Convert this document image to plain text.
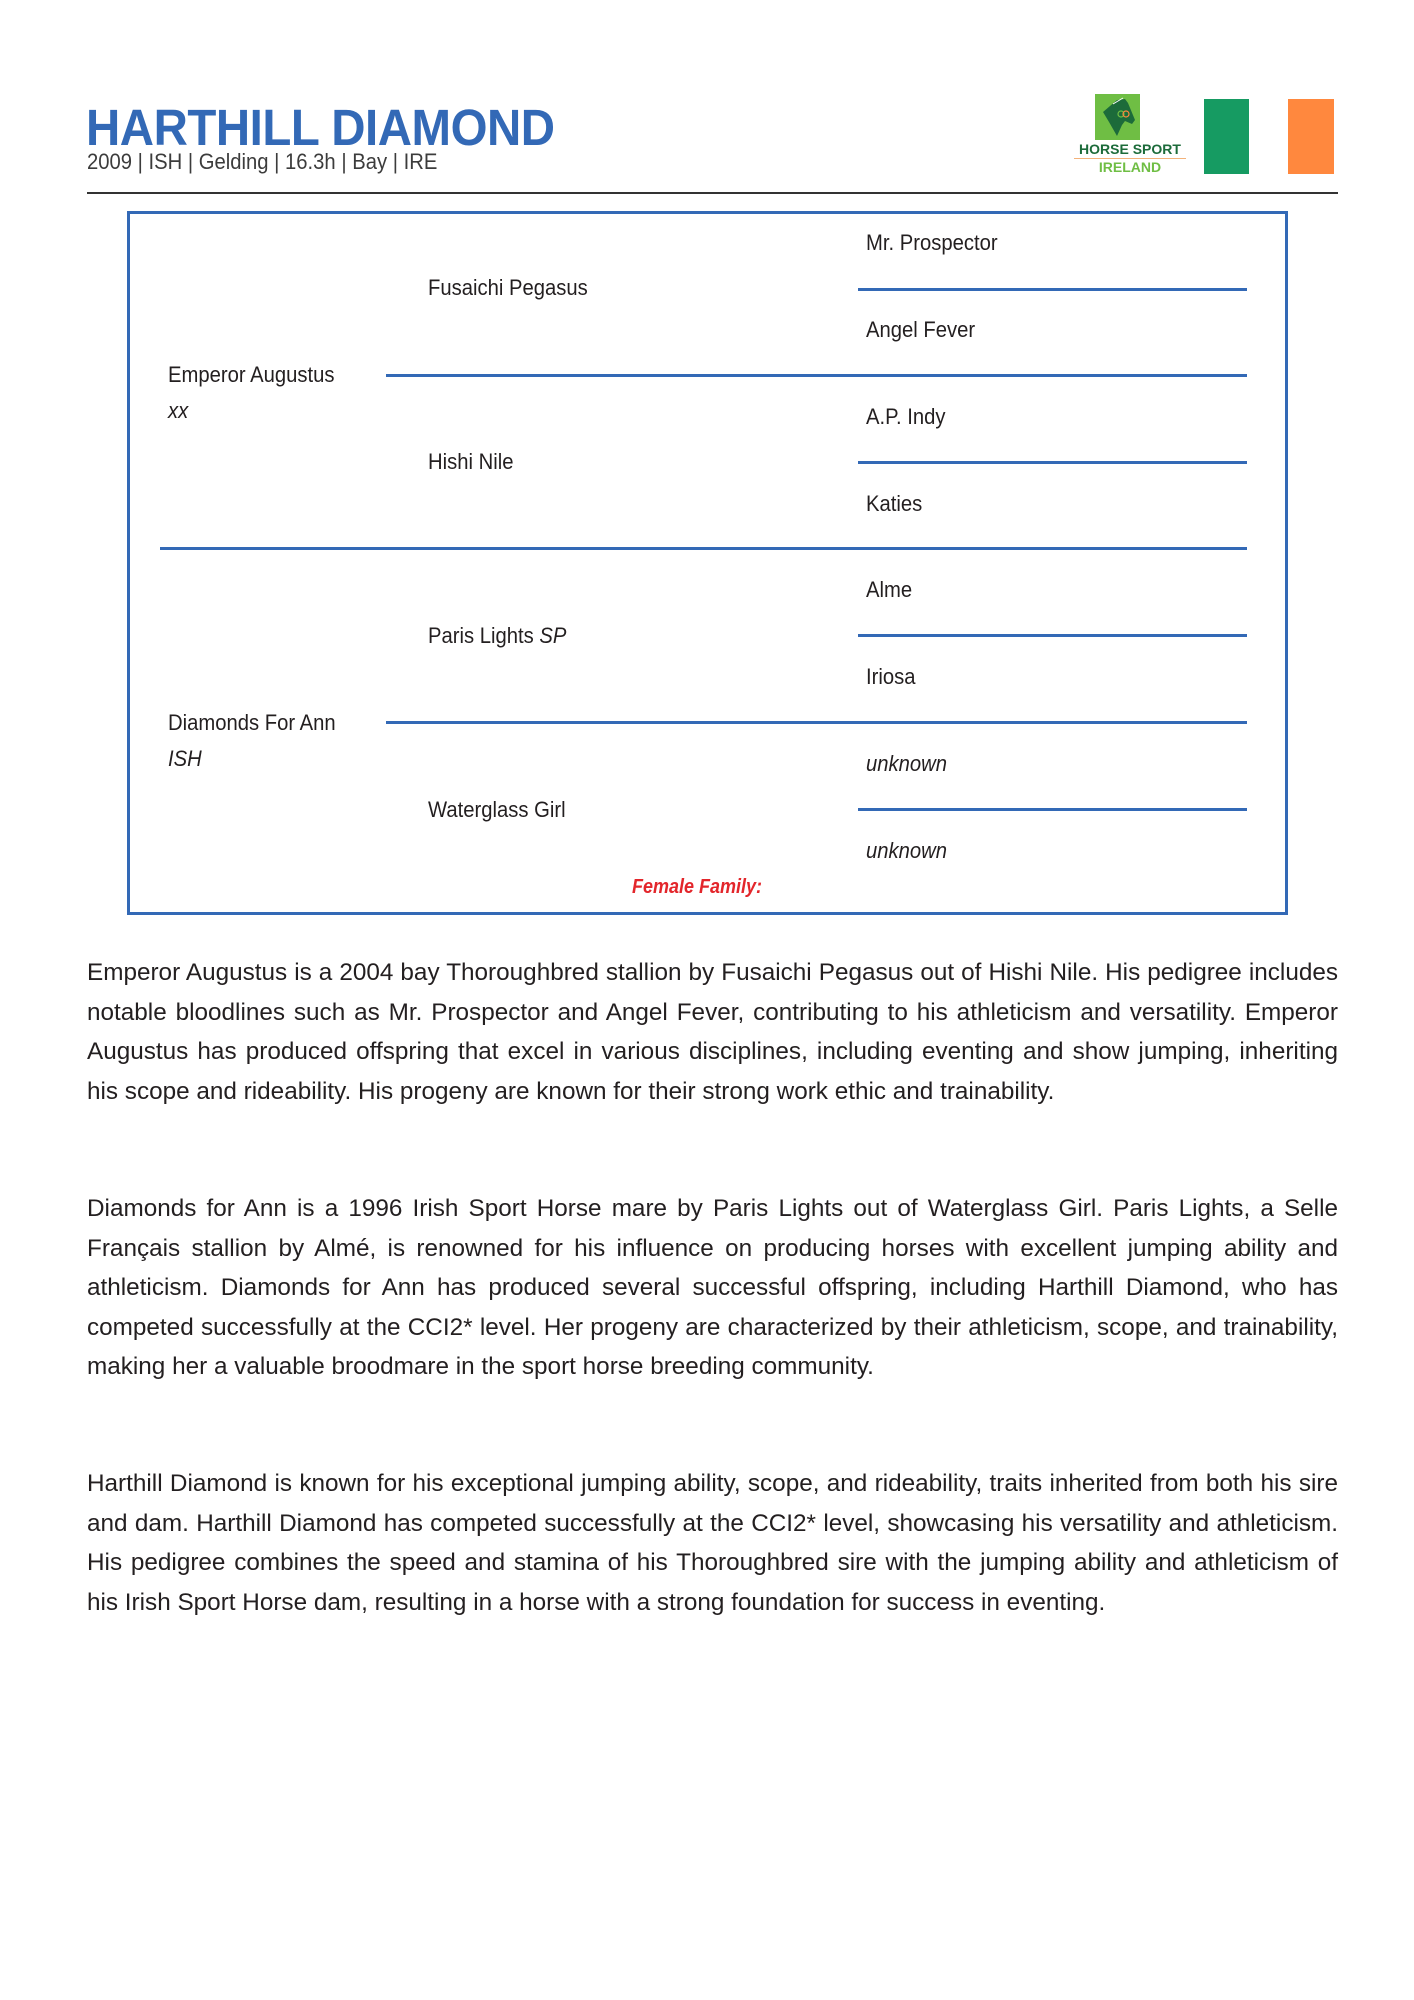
HARTHILL DIAMOND
2009 | ISH | Gelding | 16.3h | Bay | IRE	HORSE SPORT
IRELAND
Emperor Augustus
xx
Diamonds For Ann
ISH
Fusaichi Pegasus
Hishi Nile
Paris Lights SP
Waterglass Girl
Mr. Prospector
Angel Fever
A.P. Indy
Katies
Alme
Iriosa
unknown
unknown
Female Family:

Emperor Augustus is a 2004 bay Thoroughbred stallion by Fusaichi Pegasus out of Hishi Nile. His pedigree includes notable bloodlines such as Mr. Prospector and Angel Fever, contributing to his athleticism and versatility. Emperor Augustus has produced offspring that excel in various disciplines, including eventing and show jumping, inheriting his scope and rideability. His progeny are known for their strong work ethic and trainability.

Diamonds for Ann is a 1996 Irish Sport Horse mare by Paris Lights out of Waterglass Girl. Paris Lights, a Selle Français stallion by Almé, is renowned for his influence on producing horses with excellent jumping ability and athleticism. Diamonds for Ann has produced several successful offspring, including Harthill Diamond, who has competed successfully at the CCI2* level. Her progeny are characterized by their athleticism, scope, and trainability, making her a valuable broodmare in the sport horse breeding community.

Harthill Diamond is known for his exceptional jumping ability, scope, and rideability, traits inherited from both his sire and dam. Harthill Diamond has competed successfully at the CCI2* level, showcasing his versatility and athleticism. His pedigree combines the speed and stamina of his Thoroughbred sire with the jumping ability and athleticism of his Irish Sport Horse dam, resulting in a horse with a strong foundation for success in eventing.
